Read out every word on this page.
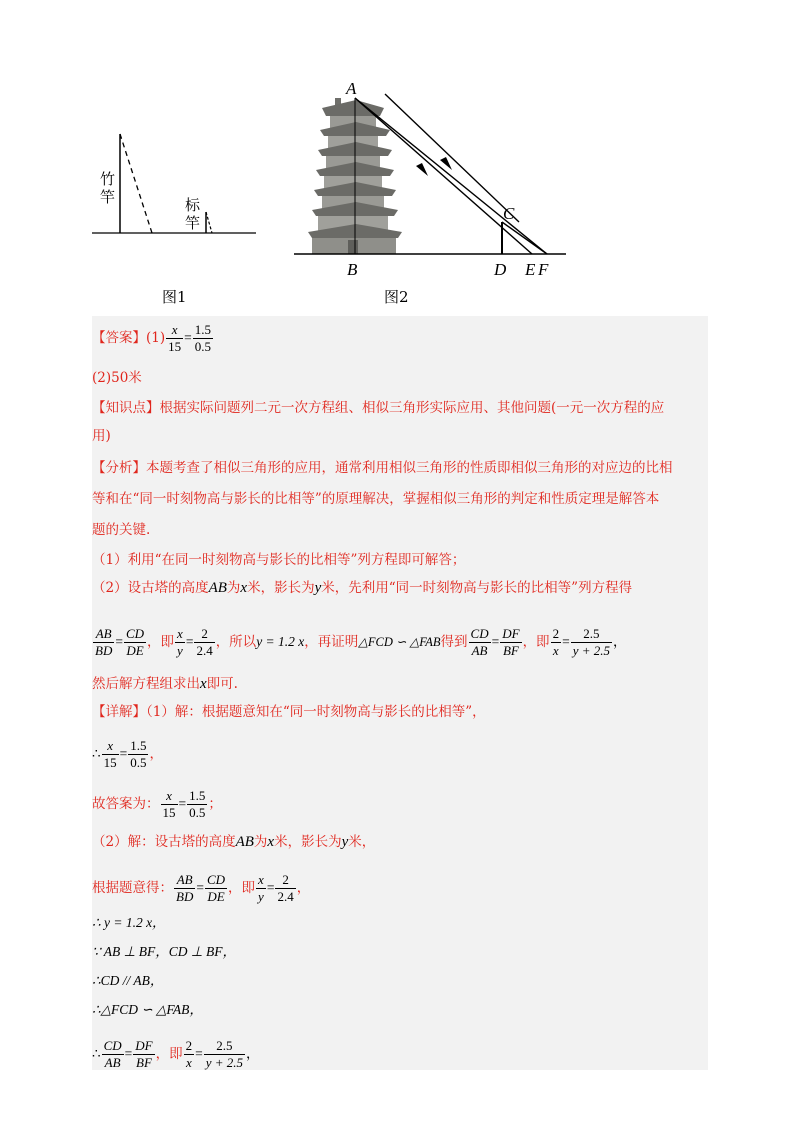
A
B
C
D E F
竹竿	标竿
图1	图2
【答案】$(1) \frac{x}{15} = \frac{1.5}{0.5}$
(2)50米
【知识点】根据实际问题列二元一次方程组、相似三角形实际应用、其他问题(一元一次方程的应
用)
【分析】本题考查了相似三角形的应用，通常利用相似三角形的性质即相似三角形的对应边的比相
等和在“同一时刻物高与影长的比相等”的原理解决，掌握相似三角形的判定和性质定理是解答本
题的关键.
（1）利用“在同一时刻物高与影长的比相等”列方程即可解答；
（2）设古塔的高度AB为x米，影长为y米，先利用“同一时刻物高与影长的比相等”列方程得
$\frac{AB}{BD} = \frac{CD}{DE}$ ，即 $\frac{x}{y} = \frac{2}{2.4}$ ，所以y = 1.2 x，再证明△FCD ∽ △FAB得到 $\frac{CD}{AB} = \frac{DF}{BF}$ ，即 $\frac{2}{x} = \frac{2.5}{y + 2.5}$ ，
然后解方程组求出x即可.
【详解】（1）解：根据题意知在“同一时刻物高与影长的比相等”，
∴ $\frac{x}{15} = \frac{1.5}{0.5}$ ，
故答案为： $\frac{x}{15} = \frac{1.5}{0.5}$ ；
（2）解：设古塔的高度AB为x米，影长为y米，
根据题意得： $\frac{AB}{BD} = \frac{CD}{DE}$ ，即 $\frac{x}{y} = \frac{2}{2.4}$ ，
∴ y = 1.2 x，
∵ AB ⊥ BF，CD ⊥ BF，
∴CD // AB，
∴△FCD ∽ △FAB，
∴ $\frac{CD}{AB} = \frac{DF}{BF}$ ，即 $\frac{2}{x} = \frac{2.5}{y + 2.5}$ ，
